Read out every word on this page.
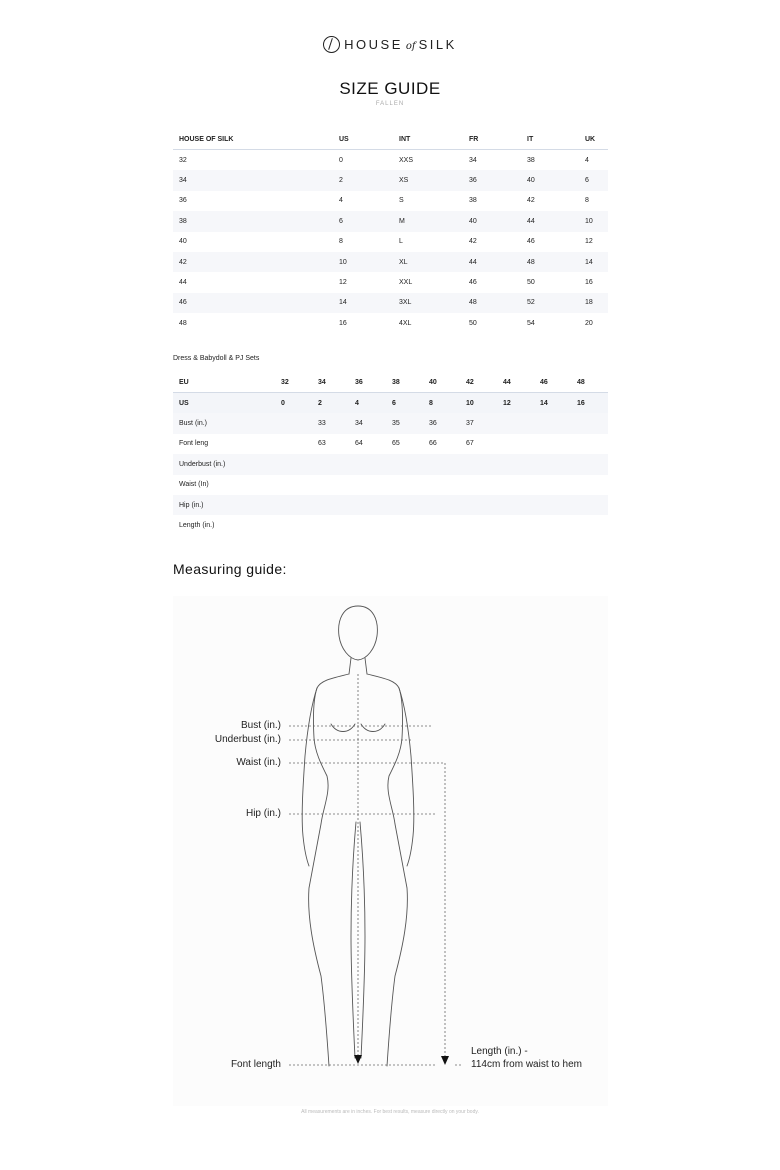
HOUSE of SILK
SIZE GUIDE
FALLEN
HOUSE OF SILK	US	INT	FR	IT	UK
32	0	XXS	34	38	4
34	2	XS	36	40	6
36	4	S	38	42	8
38	6	M	40	44	10
40	8	L	42	46	12
42	10	XL	44	48	14
44	12	XXL	46	50	16
46	14	3XL	48	52	18
48	16	4XL	50	54	20
Dress & Babydoll & PJ Sets
EU	32	34	36	38	40	42	44	46	48
US	0	2	4	6	8	10	12	14	16
Bust (in.)		33	34	35	36	37			
Font leng		63	64	65	66	67			
Underbust (in.)									
Waist (In)									
Hip (in.)									
Length (in.)									
Measuring guide:
Bust (in.)
Underbust (in.)
Waist (in.)
Hip (in.)
Font length
Length (in.) -
114cm from waist to hem
All measurements are in inches. For best results, measure directly on your body.
